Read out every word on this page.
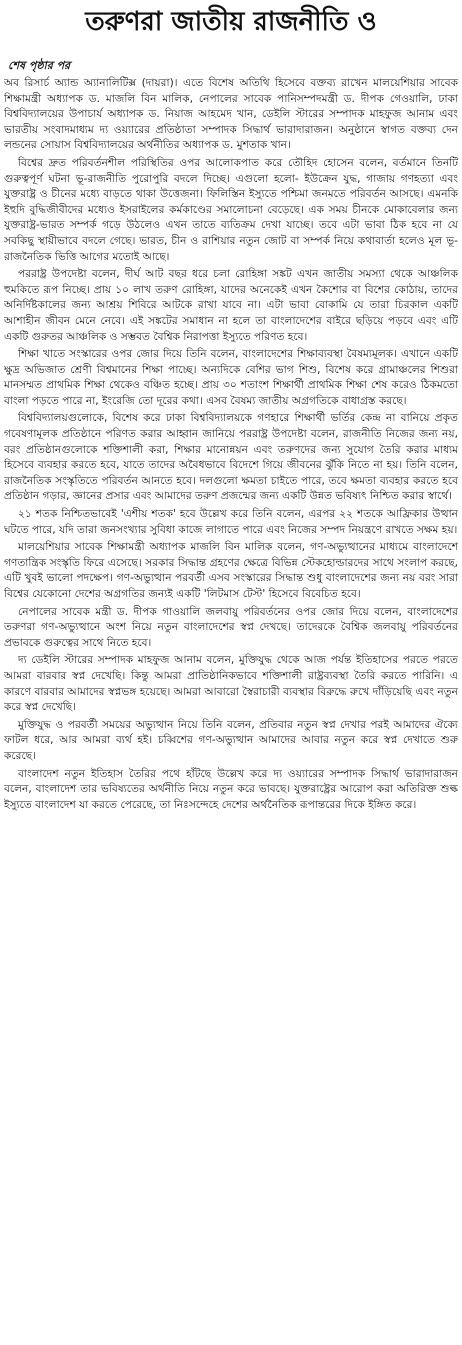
তরুণরা জাতীয় রাজনীতি ও
শেষ পৃষ্ঠার পর

অব রিসার্চ অ্যান্ড অ্যানালিটিক্স (দায়রা)। এতে বিশেষ অতিথি হিসেবে বক্তব্য রাখেন মালয়েশিয়ার সাবেক শিক্ষামন্ত্রী অধ্যাপক ড. মাজলি বিন মালিক, নেপালের সাবেক পানিসম্পদমন্ত্রী ড. দীপক গেওয়ালি, ঢাকা বিশ্ববিদ্যালয়ের উপাচার্য অধ্যাপক ড. নিয়াজ আহমেদ খান, ডেইলি স্টারের সম্পাদক মাহফুজ আনাম এবং ভারতীয় সংবাদমাধ্যম দ্য ওয়্যারের প্রতিষ্ঠাতা সম্পাদক সিদ্ধার্থ ভারাদারাজন। অনুষ্ঠানে স্বাগত বক্তব্য দেন লন্ডনের সোয়াস বিশ্ববিদ্যালয়ের অর্থনীতির অধ্যাপক ড. মুশতাক খান।

বিশ্বের দ্রুত পরিবর্তনশীল পরিস্থিতির ওপর আলোকপাত করে তৌহিদ হোসেন বলেন, বর্তমানে তিনটি গুরুত্বপূর্ণ ঘটনা ভূ-রাজনীতি পুরোপুরি বদলে দিচ্ছে। এগুলো হলো- ইউক্রেন যুদ্ধ, গাজায় গণহত্যা এবং যুক্তরাষ্ট্র ও চীনের মধ্যে বাড়তে থাকা উত্তেজনা। ফিলিস্তিন ইস্যুতে পশ্চিমা জনমতে পরিবর্তন আসছে। এমনকি ইহুদি বুদ্ধিজীবীদের মধ্যেও ইসরাইলের কর্মকাণ্ডের সমালোচনা বেড়েছে। এক সময় চীনকে মোকাবেলার জন্য যুক্তরাষ্ট্র-ভারত সম্পর্ক গড়ে উঠলেও এখন তাতে ব্যতিক্রম দেখা যাচ্ছে। তবে এটা ভাবা ঠিক হবে না যে সবকিছু স্থায়ীভাবে বদলে গেছে। ভারত, চীন ও রাশিয়ার নতুন জোট বা সম্পর্ক নিয়ে কথাবার্তা হলেও মূল ভূ-রাজনৈতিক ভিত্তি আগের মতোই আছে।

পররাষ্ট্র উপদেষ্টা বলেন, দীর্ঘ আট বছর ধরে চলা রোহিঙ্গা সঙ্কট এখন জাতীয় সমস্যা থেকে আঞ্চলিক হুমকিতে রূপ নিচ্ছে। প্রায় ১০ লাখ তরুণ রোহিঙ্গা, যাদের অনেকেই এখন কৈশোর বা বিশের কোঠায়, তাদের অনির্দিষ্টকালের জন্য আশ্রয় শিবিরে আটকে রাখা যাবে না। এটা ভাবা বোকামি যে তারা চিরকাল একটি আশাহীন জীবন মেনে নেবে। এই সঙ্কটের সমাধান না হলে তা বাংলাদেশের বাইরে ছড়িয়ে পড়বে এবং এটি একটি গুরুতর আঞ্চলিক ও সম্ভবত বৈশ্বিক নিরাপত্তা ইস্যুতে পরিণত হবে।

শিক্ষা খাতে সংস্কারের ওপর জোর দিয়ে তিনি বলেন, বাংলাদেশের শিক্ষাব্যবস্থা বৈষম্যমূলক। এখানে একটি ক্ষুদ্র অভিজাত শ্রেণী বিশ্বমানের শিক্ষা পাচ্ছে। অন্যদিকে বেশির ভাগ শিশু, বিশেষ করে গ্রামাঞ্চলের শিশুরা মানসম্মত প্রাথমিক শিক্ষা থেকেও বঞ্চিত হচ্ছে। প্রায় ৩০ শতাংশ শিক্ষার্থী প্রাথমিক শিক্ষা শেষ করেও ঠিকমতো বাংলা পড়তে পারে না, ইংরেজি তো দূরের কথা। এসব বৈষম্য জাতীয় অগ্রগতিকে বাধাগ্রস্ত করছে।

বিশ্ববিদ্যালয়গুলোকে, বিশেষ করে ঢাকা বিশ্ববিদ্যালয়কে গণহারে শিক্ষার্থী ভর্তির কেন্দ্র না বানিয়ে প্রকৃত গবেষণামূলক প্রতিষ্ঠানে পরিণত করার আহ্বান জানিয়ে পররাষ্ট্র উপদেষ্টা বলেন, রাজনীতি নিজের জন্য নয়, বরং প্রতিষ্ঠানগুলোকে শক্তিশালী করা, শিক্ষার মানোন্নয়ন এবং তরুণদের জন্য সুযোগ তৈরি করার মাধ্যম হিসেবে ব্যবহার করতে হবে, যাতে তাদের অবৈধভাবে বিদেশে গিয়ে জীবনের ঝুঁকি নিতে না হয়। তিনি বলেন, রাজনৈতিক সংস্কৃতিতে পরিবর্তন আনতে হবে। দলগুলো ক্ষমতা চাইতে পারে, তবে ক্ষমতা ব্যবহার করতে হবে প্রতিষ্ঠান গড়ার, জ্ঞানের প্রসার এবং আমাদের তরুণ প্রজন্মের জন্য একটি উন্নত ভবিষ্যৎ নিশ্চিত করার স্বার্থে।

২১ শতক নিশ্চিতভাবেই 'এশীয় শতক' হবে উল্লেখ করে তিনি বলেন, এরপর ২২ শতকে আফ্রিকার উত্থান ঘটতে পারে, যদি তারা জনসংখ্যার সুবিধা কাজে লাগাতে পারে এবং নিজের সম্পদ নিয়ন্ত্রণে রাখতে সক্ষম হয়।

মালয়েশিয়ার সাবেক শিক্ষামন্ত্রী অধ্যাপক মাজলি বিন মালিক বলেন, গণ-অভ্যুত্থানের মাধ্যমে বাংলাদেশে গণতান্ত্রিক সংস্কৃতি ফিরে এসেছে। সরকার সিদ্ধান্ত গ্রহণের ক্ষেত্রে বিভিন্ন স্টেকহোল্ডারদের সাথে সংলাপ করছে, এটি খুবই ভালো পদক্ষেপ। গণ-অভ্যুত্থান পরবর্তী এসব সংস্কারের সিদ্ধান্ত শুধু বাংলাদেশের জন্য নয় বরং সারা বিশ্বের যেকোনো দেশের অগ্রগতির জন্যই একটি 'লিটমাস টেস্ট' হিসেবে বিবেচিত হবে।

নেপালের সাবেক মন্ত্রী ড. দীপক গাওয়ালি জলবায়ু পরিবর্তনের ওপর জোর দিয়ে বলেন, বাংলাদেশের তরুণরা গণ-অভ্যুত্থানে অংশ নিয়ে নতুন বাংলাদেশের স্বপ্ন দেখছে। তাদেরকে বৈশ্বিক জলবায়ু পরিবর্তনের প্রভাবকে গুরুত্বের সাথে নিতে হবে।

দ্য ডেইলি স্টারের সম্পাদক মাহফুজ আনাম বলেন, মুক্তিযুদ্ধ থেকে আজ পর্যন্ত ইতিহাসের পরতে পরতে আমরা বারবার স্বপ্ন দেখেছি। কিন্তু আমরা প্রাতিষ্ঠানিকভাবে শক্তিশালী রাষ্ট্রব্যবস্থা তৈরি করতে পারিনি। এ কারণে বারবার আমাদের স্বপ্নভঙ্গ হয়েছে। আমরা আবারো স্বৈরাচারী ব্যবস্থার বিরুদ্ধে রুখে দাঁড়িয়েছি এবং নতুন করে স্বপ্ন দেখেছি।

মুক্তিযুদ্ধ ও পরবর্তী সময়ের অভ্যুত্থান নিয়ে তিনি বলেন, প্রতিবার নতুন স্বপ্ন দেখার পরই আমাদের ঐক্যে ফাটল ধরে, আর আমরা ব্যর্থ হই। চব্বিশের গণ-অভ্যুত্থান আমাদের আবার নতুন করে স্বপ্ন দেখাতে শুরু করেছে।

বাংলাদেশ নতুন ইতিহাস তৈরির পথে হাঁটছে উল্লেখ করে দ্য ওয়্যারের সম্পাদক সিদ্ধার্থ ভারাদারাজন বলেন, বাংলাদেশ তার ভবিষ্যতের অর্থনীতি নিয়ে নতুন করে ভাবছে। যুক্তরাষ্ট্রের আরোপ করা অতিরিক্ত শুল্ক ইস্যুতে বাংলাদেশ যা করতে পেরেছে, তা নিঃসন্দেহে দেশের অর্থনৈতিক রূপান্তরের দিকে ইঙ্গিত করে।
